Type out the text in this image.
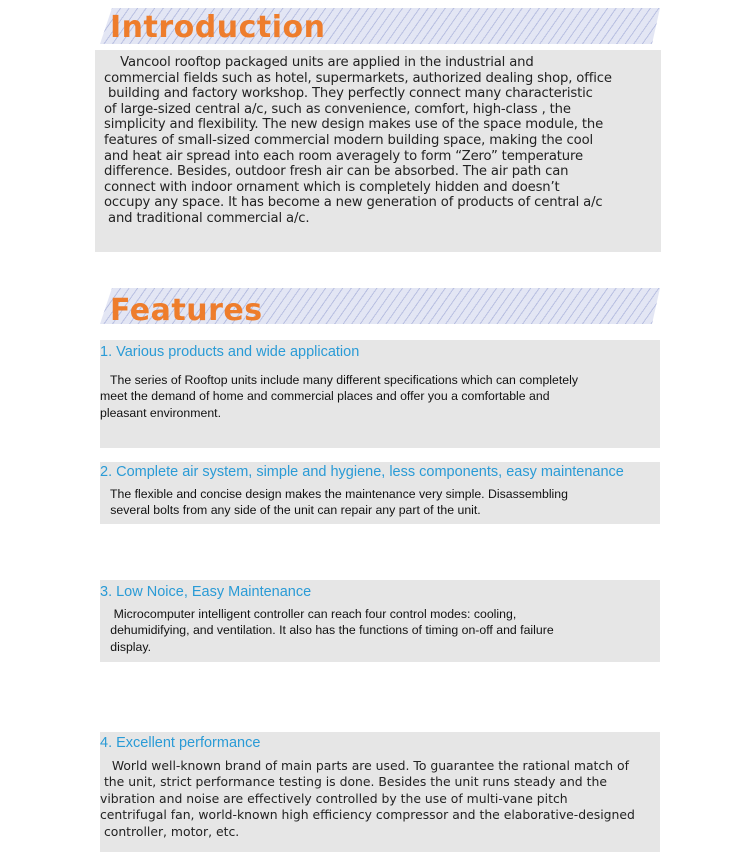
Introduction

Vancool rooftop packaged units are applied in the industrial and
commercial fields such as hotel, supermarkets, authorized dealing shop, office
building and factory workshop. They perfectly connect many characteristic
of large-sized central a/c, such as convenience, comfort, high-class , the
simplicity and flexibility. The new design makes use of the space module, the
features of small-sized commercial modern building space, making the cool
and heat air spread into each room averagely to form “Zero” temperature
difference. Besides, outdoor fresh air can be absorbed. The air path can
connect with indoor ornament which is completely hidden and doesn’t
occupy any space. It has become a new generation of products of central a/c
and traditional commercial a/c.

Features

1. Various products and wide application

The series of Rooftop units include many different specifications which can completely
meet the demand of home and commercial places and offer you a comfortable and
pleasant environment.

2. Complete air system, simple and hygiene, less components, easy maintenance

The flexible and concise design makes the maintenance very simple. Disassembling
several bolts from any side of the unit can repair any part of the unit.

3. Low Noice, Easy Maintenance

Microcomputer intelligent controller can reach four control modes: cooling,
dehumidifying, and ventilation. It also has the functions of timing on-off and failure
display.

4. Excellent performance

World well-known brand of main parts are used. To guarantee the rational match of
the unit, strict performance testing is done. Besides the unit runs steady and the
vibration and noise are effectively controlled by the use of multi-vane pitch
centrifugal fan, world-known high efficiency compressor and the elaborative-designed
controller, motor, etc.
